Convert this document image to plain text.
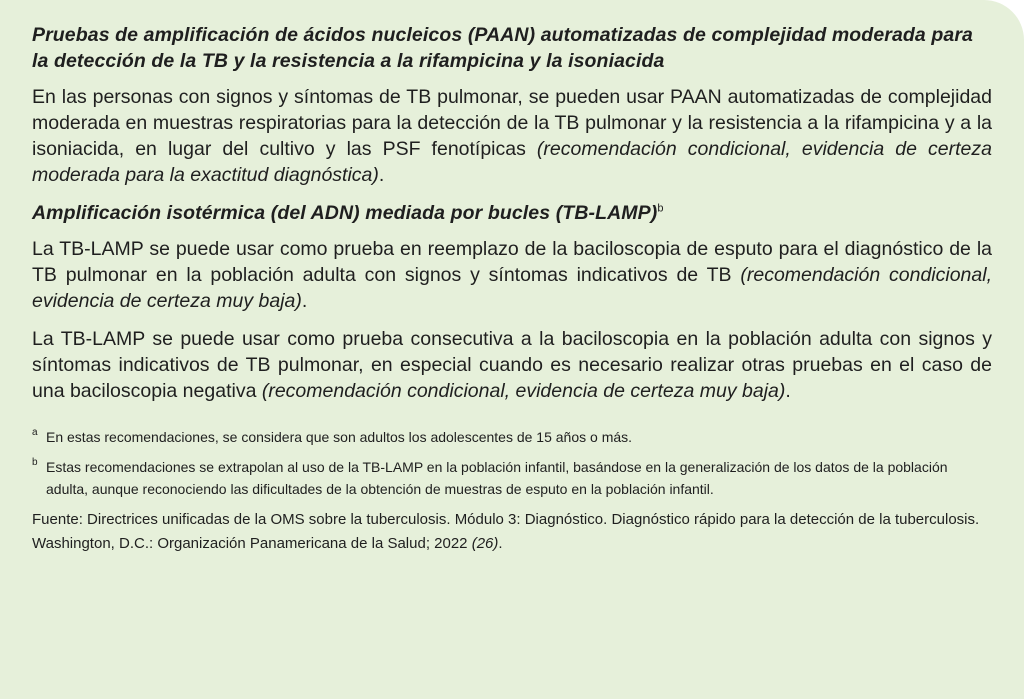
Pruebas de amplificación de ácidos nucleicos (PAAN) automatizadas de complejidad moderada para la detección de la TB y la resistencia a la rifampicina y la isoniacida

En las personas con signos y síntomas de TB pulmonar, se pueden usar PAAN automatizadas de complejidad moderada en muestras respiratorias para la detección de la TB pulmonar y la resistencia a la rifampicina y a la isoniacida, en lugar del cultivo y las PSF fenotípicas (recomendación condicional, evidencia de certeza moderada para la exactitud diagnóstica).

Amplificación isotérmica (del ADN) mediada por bucles (TB-LAMP)$^b$

La TB-LAMP se puede usar como prueba en reemplazo de la baciloscopia de esputo para el diagnóstico de la TB pulmonar en la población adulta con signos y síntomas indicativos de TB (recomendación condicional, evidencia de certeza muy baja).

La TB-LAMP se puede usar como prueba consecutiva a la baciloscopia en la población adulta con signos y síntomas indicativos de TB pulmonar, en especial cuando es necesario realizar otras pruebas en el caso de una baciloscopia negativa (recomendación condicional, evidencia de certeza muy baja).

a En estas recomendaciones, se considera que son adultos los adolescentes de 15 años o más.
b Estas recomendaciones se extrapolan al uso de la TB-LAMP en la población infantil, basándose en la generalización de los datos de la población adulta, aunque reconociendo las dificultades de la obtención de muestras de esputo en la población infantil.
Fuente: Directrices unificadas de la OMS sobre la tuberculosis. Módulo 3: Diagnóstico. Diagnóstico rápido para la detección de la tuberculosis. Washington, D.C.: Organización Panamericana de la Salud; 2022 (26).
